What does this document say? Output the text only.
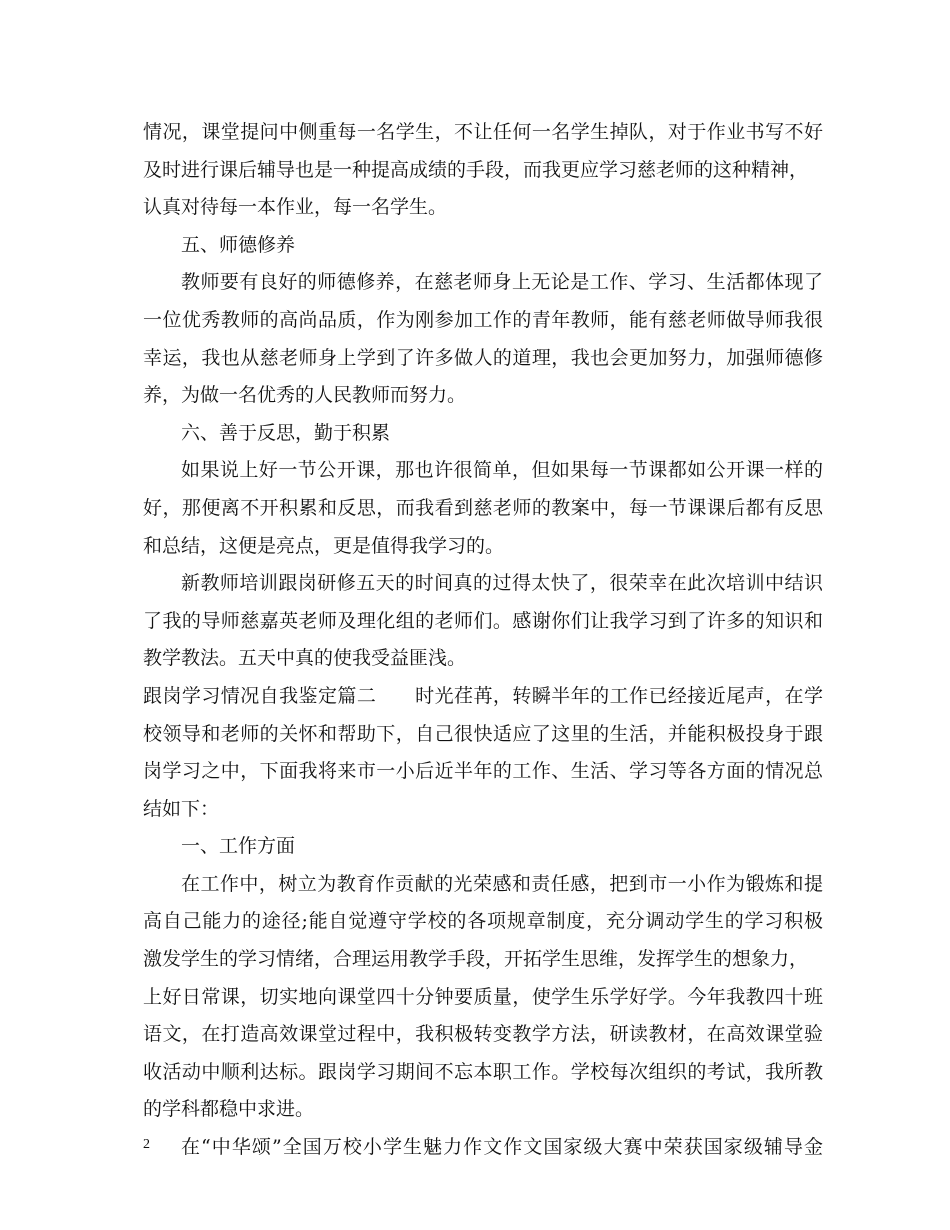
情况，课堂提问中侧重每一名学生，不让任何一名学生掉队，对于作业书写不好
及时进行课后辅导也是一种提高成绩的手段，而我更应学习慈老师的这种精神，
认真对待每一本作业，每一名学生。
五、师德修养
教师要有良好的师德修养，在慈老师身上无论是工作、学习、生活都体现了
一位优秀教师的高尚品质，作为刚参加工作的青年教师，能有慈老师做导师我很
幸运，我也从慈老师身上学到了许多做人的道理，我也会更加努力，加强师德修
养，为做一名优秀的人民教师而努力。
六、善于反思，勤于积累
如果说上好一节公开课，那也许很简单，但如果每一节课都如公开课一样的
好，那便离不开积累和反思，而我看到慈老师的教案中，每一节课课后都有反思
和总结，这便是亮点，更是值得我学习的。
新教师培训跟岗研修五天的时间真的过得太快了，很荣幸在此次培训中结识
了我的导师慈嘉英老师及理化组的老师们。感谢你们让我学习到了许多的知识和
教学教法。五天中真的使我受益匪浅。
跟岗学习情况自我鉴定篇二　　时光荏苒，转瞬半年的工作已经接近尾声，在学
校领导和老师的关怀和帮助下，自己很快适应了这里的生活，并能积极投身于跟
岗学习之中，下面我将来市一小后近半年的工作、生活、学习等各方面的情况总
结如下：
一、工作方面
在工作中，树立为教育作贡献的光荣感和责任感，把到市一小作为锻炼和提
高自己能力的途径;能自觉遵守学校的各项规章制度，充分调动学生的学习积极
激发学生的学习情绪，合理运用教学手段，开拓学生思维，发挥学生的想象力，
上好日常课，切实地向课堂四十分钟要质量，使学生乐学好学。今年我教四十班
语文，在打造高效课堂过程中，我积极转变教学方法，研读教材，在高效课堂验
收活动中顺利达标。跟岗学习期间不忘本职工作。学校每次组织的考试，我所教
的学科都稳中求进。
在“中华颂”全国万校小学生魅力作文作文国家级大赛中荣获国家级辅导金
2
